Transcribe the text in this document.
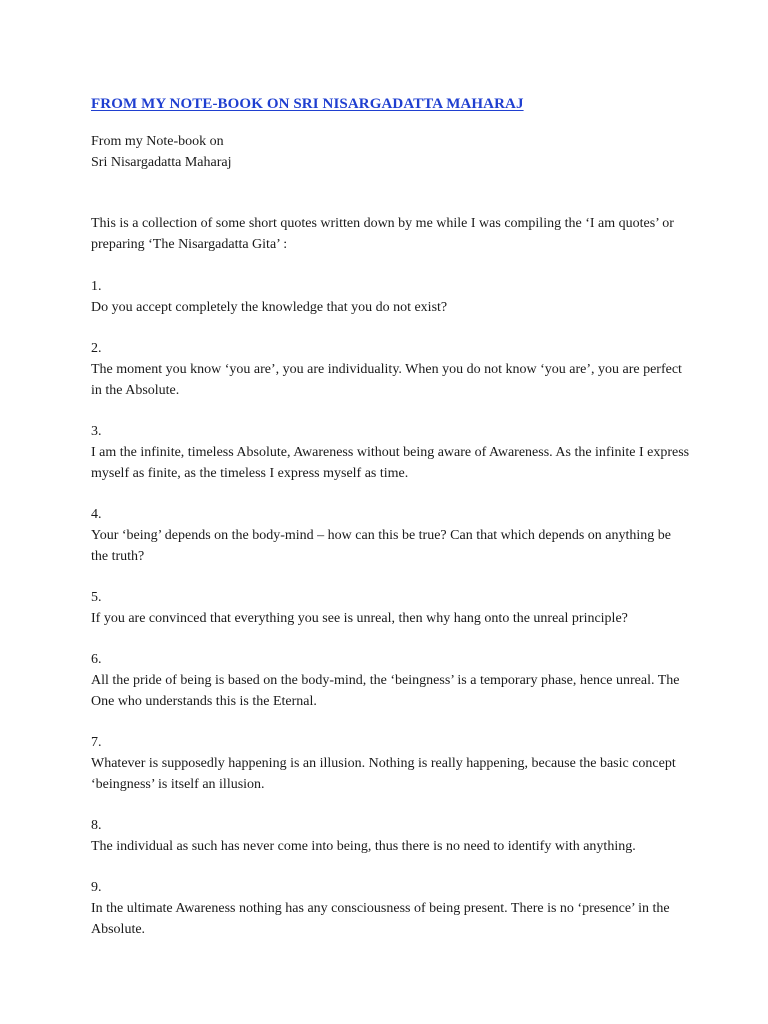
FROM MY NOTE-BOOK ON SRI NISARGADATTA MAHARAJ
From my Note-book on
Sri Nisargadatta Maharaj
This is a collection of some short quotes written down by me while I was compiling the ‘I am quotes’ or preparing ‘The Nisargadatta Gita’ :
1.
Do you accept completely the knowledge that you do not exist?
2.
The moment you know ‘you are’, you are individuality. When you do not know ‘you are’, you are perfect in the Absolute.
3.
I am the infinite, timeless Absolute, Awareness without being aware of Awareness. As the infinite I express myself as finite, as the timeless I express myself as time.
4.
Your ‘being’ depends on the body-mind – how can this be true? Can that which depends on anything be the truth?
5.
If you are convinced that everything you see is unreal, then why hang onto the unreal principle?
6.
All the pride of being is based on the body-mind, the ‘beingness’ is a temporary phase, hence unreal. The One who understands this is the Eternal.
7.
Whatever is supposedly happening is an illusion. Nothing is really happening, because the basic concept ‘beingness’ is itself an illusion.
8.
The individual as such has never come into being, thus there is no need to identify with anything.
9.
In the ultimate Awareness nothing has any consciousness of being present. There is no ‘presence’ in the Absolute.
